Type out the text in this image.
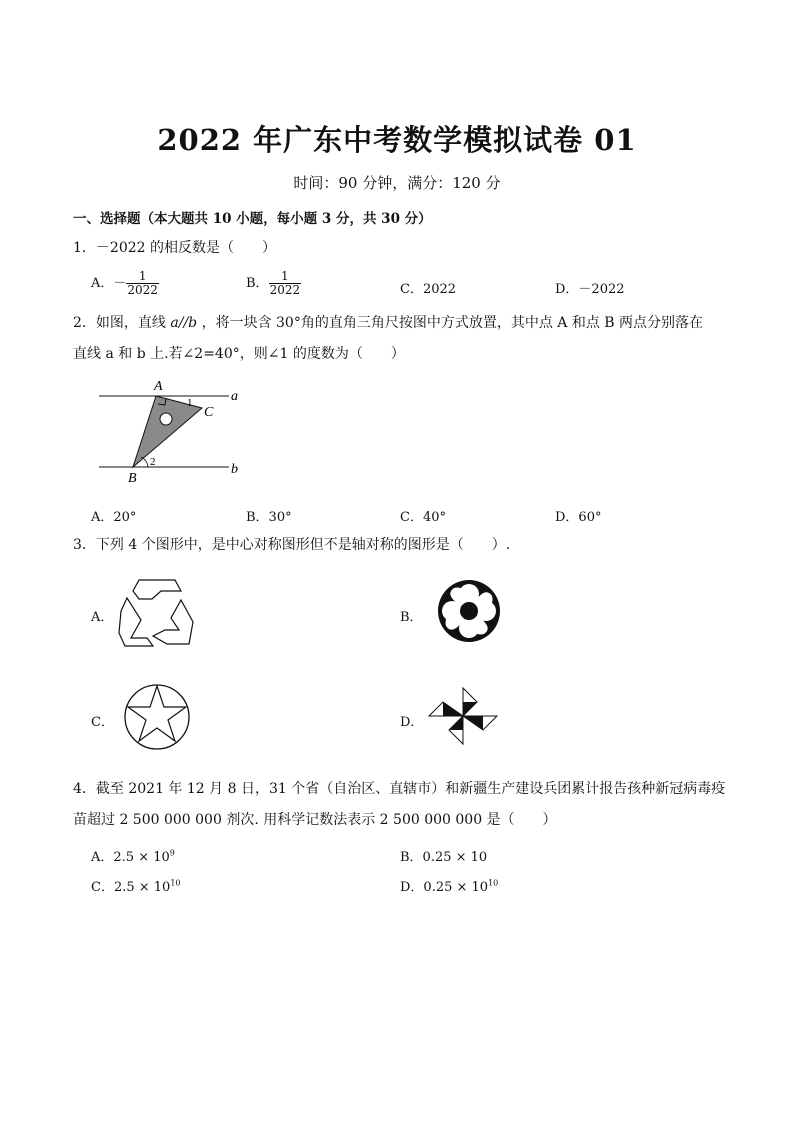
2022 年广东中考数学模拟试卷 01
时间：90 分钟，满分：120 分
一、选择题（本大题共 10 小题，每小题 3 分，共 30 分）
1．－2022 的相反数是（　　）
A．－ $\frac{1}{2022}$	B． $\frac{1}{2022}$	C．2022	D．－2022
2．如图，直线 a//b ，将一块含 30°角的直角三角尺按图中方式放置，其中点 A 和点 B 两点分别落在
直线 a 和 b 上.若∠2=40°，则∠1 的度数为（　　）
A
B
C
a
b
1
2
A．20°	B．30°	C．40°	D．60°
3．下列 4 个图形中，是中心对称图形但不是轴对称的图形是（　　）.
A．	B．
C．	D．
4．截至 2021 年 12 月 8 日，31 个省（自治区、直辖市）和新疆生产建设兵团累计报告孩种新冠病毒疫
苗超过 2 500 000 000 剂次. 用科学记数法表示 2 500 000 000 是（　　）
A．$2.5 \times 10^9$	B．0.25 × 10
C．$2.5 \times 10^{10}$	D．$0.25 \times 10^{10}$
